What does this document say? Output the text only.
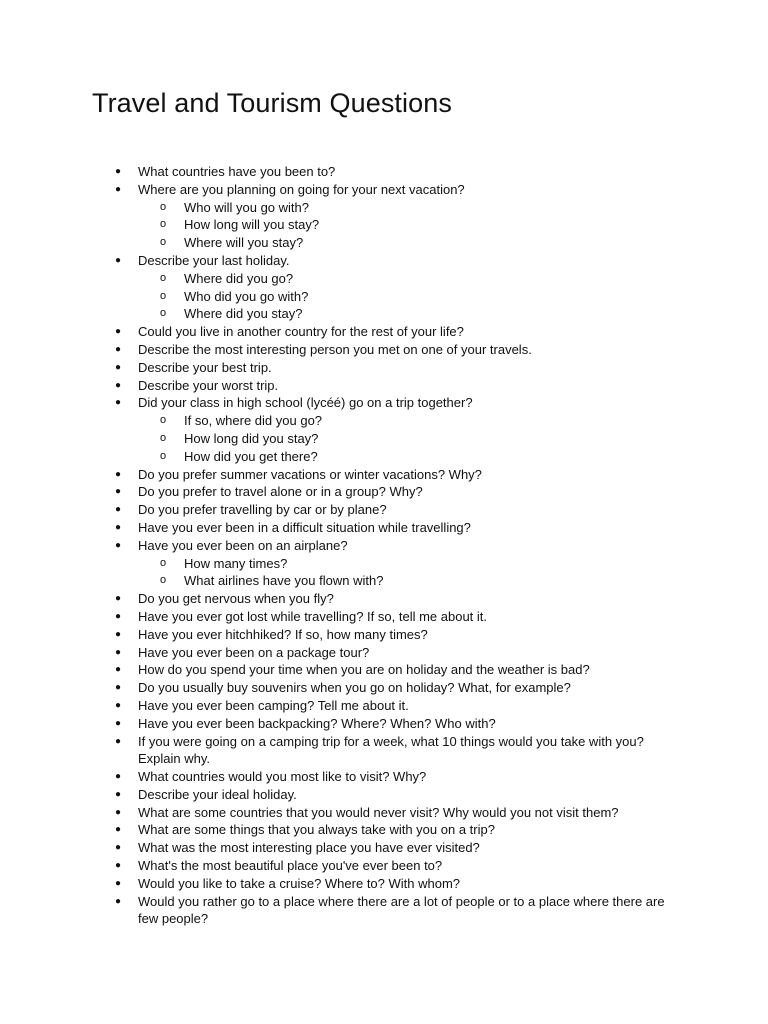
Travel and Tourism Questions
● What countries have you been to?
● Where are you planning on going for your next vacation?
o Who will you go with?
o How long will you stay?
o Where will you stay?
● Describe your last holiday.
o Where did you go?
o Who did you go with?
o Where did you stay?
● Could you live in another country for the rest of your life?
● Describe the most interesting person you met on one of your travels.
● Describe your best trip.
● Describe your worst trip.
● Did your class in high school (lycéé) go on a trip together?
o If so, where did you go?
o How long did you stay?
o How did you get there?
● Do you prefer summer vacations or winter vacations? Why?
● Do you prefer to travel alone or in a group? Why?
● Do you prefer travelling by car or by plane?
● Have you ever been in a difficult situation while travelling?
● Have you ever been on an airplane?
o How many times?
o What airlines have you flown with?
● Do you get nervous when you fly?
● Have you ever got lost while travelling? If so, tell me about it.
● Have you ever hitchhiked? If so, how many times?
● Have you ever been on a package tour?
● How do you spend your time when you are on holiday and the weather is bad?
● Do you usually buy souvenirs when you go on holiday? What, for example?
● Have you ever been camping? Tell me about it.
● Have you ever been backpacking? Where? When? Who with?
● If you were going on a camping trip for a week, what 10 things would you take with you? Explain why.
● What countries would you most like to visit? Why?
● Describe your ideal holiday.
● What are some countries that you would never visit? Why would you not visit them?
● What are some things that you always take with you on a trip?
● What was the most interesting place you have ever visited?
● What's the most beautiful place you've ever been to?
● Would you like to take a cruise? Where to? With whom?
● Would you rather go to a place where there are a lot of people or to a place where there are few people?
